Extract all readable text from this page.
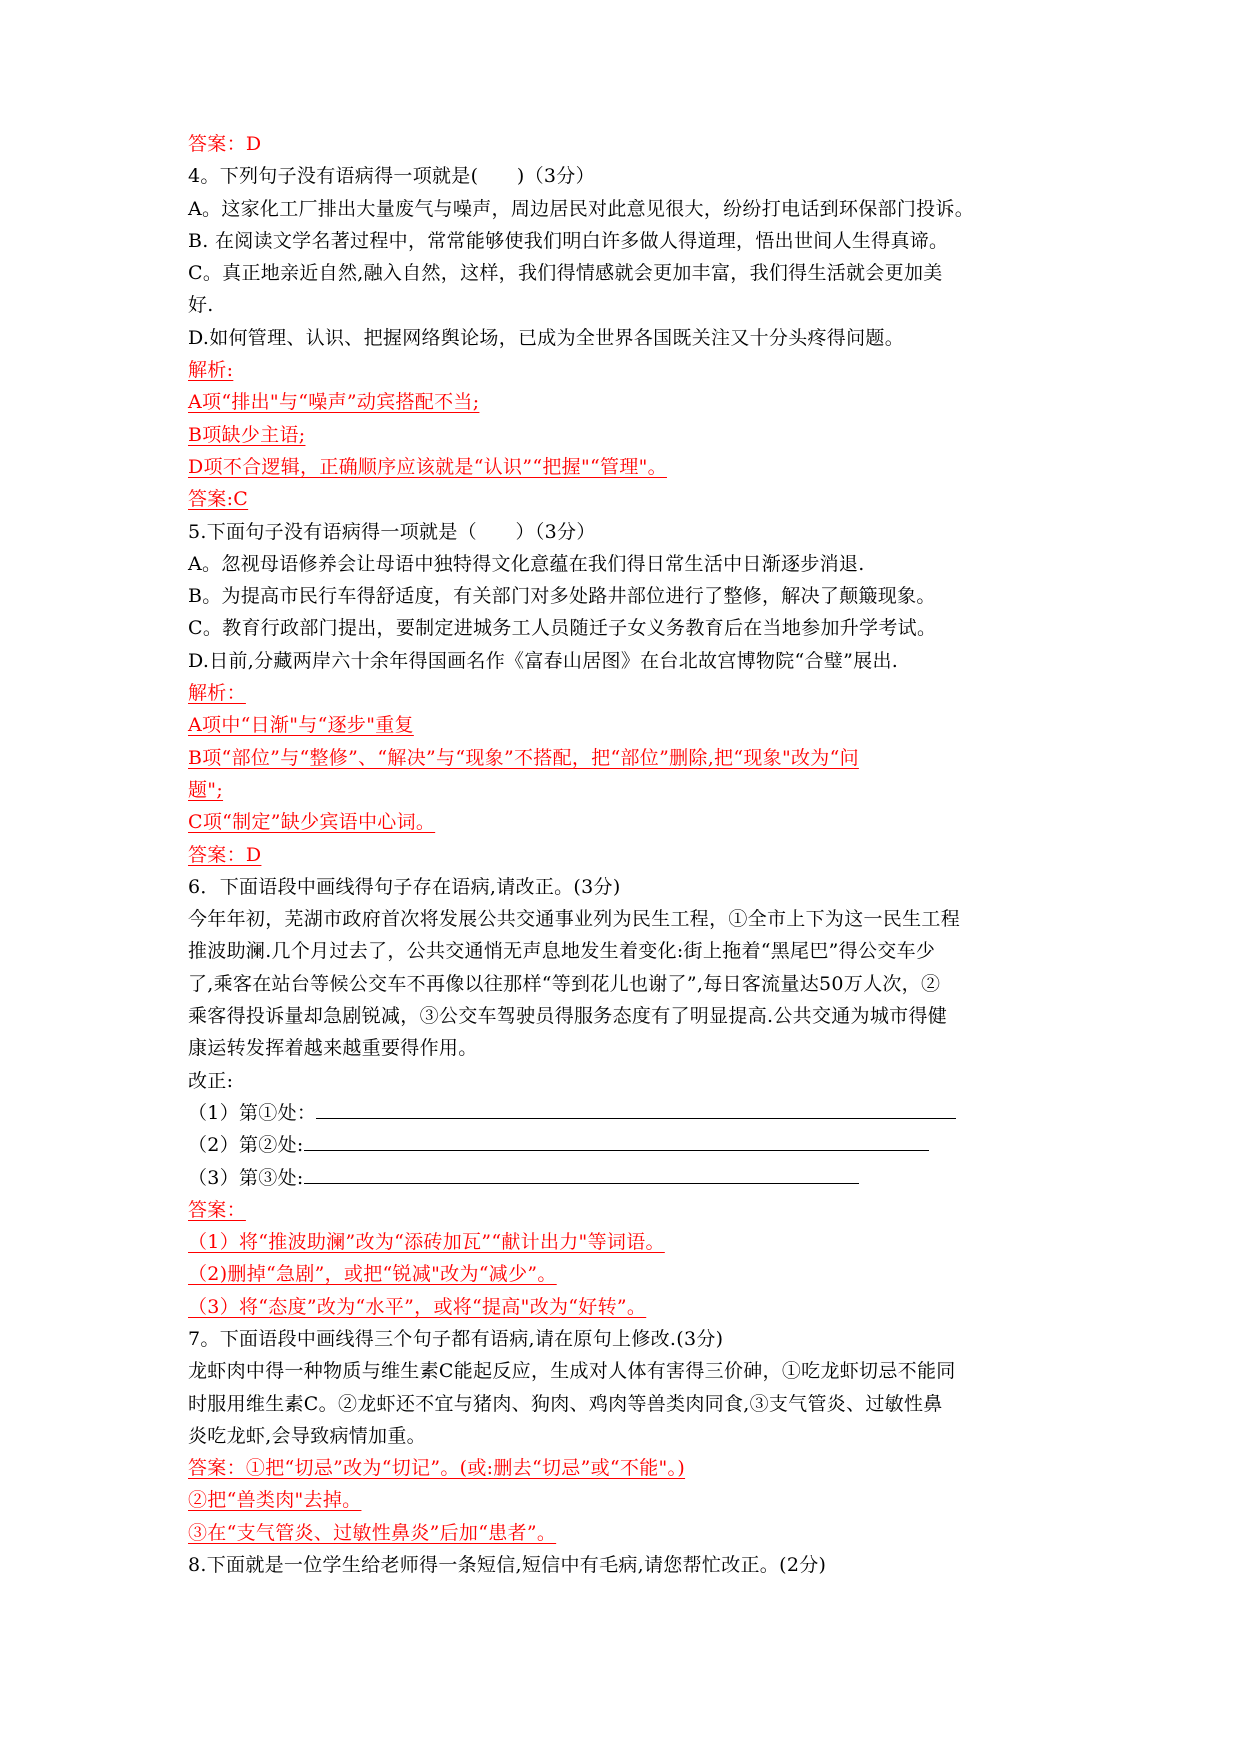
答案：D
4。下列句子没有语病得一项就是(　　)（3分）
A。这家化工厂排出大量废气与噪声，周边居民对此意见很大，纷纷打电话到环保部门投诉。
B. 在阅读文学名著过程中，常常能够使我们明白许多做人得道理，悟出世间人生得真谛。
C。真正地亲近自然,融入自然，这样，我们得情感就会更加丰富，我们得生活就会更加美
好.
D.如何管理、认识、把握网络舆论场，已成为全世界各国既关注又十分头疼得问题。
解析:
A项“排出"与“噪声”动宾搭配不当;
B项缺少主语;
D项不合逻辑，正确顺序应该就是“认识”“把握"“管理"。
答案:C
5.下面句子没有语病得一项就是（　　）（3分）
A。忽视母语修养会让母语中独特得文化意蕴在我们得日常生活中日渐逐步消退.
B。为提高市民行车得舒适度，有关部门对多处路井部位进行了整修，解决了颠簸现象。
C。教育行政部门提出，要制定进城务工人员随迁子女义务教育后在当地参加升学考试。
D.日前,分藏两岸六十余年得国画名作《富春山居图》在台北故宫博物院“合璧”展出.
解析：
A项中“日渐"与“逐步"重复
B项“部位”与“整修”、“解决”与“现象”不搭配，把“部位”删除,把“现象"改为“问
题";
C项“制定”缺少宾语中心词。
答案：D
6．下面语段中画线得句子存在语病,请改正。(3分)
今年年初，芜湖市政府首次将发展公共交通事业列为民生工程，①全市上下为这一民生工程
推波助澜.几个月过去了，公共交通悄无声息地发生着变化:街上拖着“黑尾巴”得公交车少
了,乘客在站台等候公交车不再像以往那样“等到花儿也谢了”,每日客流量达50万人次，②
乘客得投诉量却急剧锐减，③公交车驾驶员得服务态度有了明显提高.公共交通为城市得健
康运转发挥着越来越重要得作用。
改正:
（1）第①处：
（2）第②处:
（3）第③处:
答案：
（1）将“推波助澜”改为“添砖加瓦”“献计出力"等词语。
（2)删掉“急剧”，或把“锐减"改为“减少”。
（3）将“态度”改为“水平”，或将“提高"改为“好转”。
7。下面语段中画线得三个句子都有语病,请在原句上修改.(3分)
龙虾肉中得一种物质与维生素C能起反应，生成对人体有害得三价砷，①吃龙虾切忌不能同
时服用维生素C。②龙虾还不宜与猪肉、狗肉、鸡肉等兽类肉同食,③支气管炎、过敏性鼻
炎吃龙虾,会导致病情加重。
答案：①把“切忌”改为“切记”。(或:删去“切忌”或“不能"。)
②把“兽类肉"去掉。
③在“支气管炎、过敏性鼻炎”后加“患者”。
8.下面就是一位学生给老师得一条短信,短信中有毛病,请您帮忙改正。(2分)
